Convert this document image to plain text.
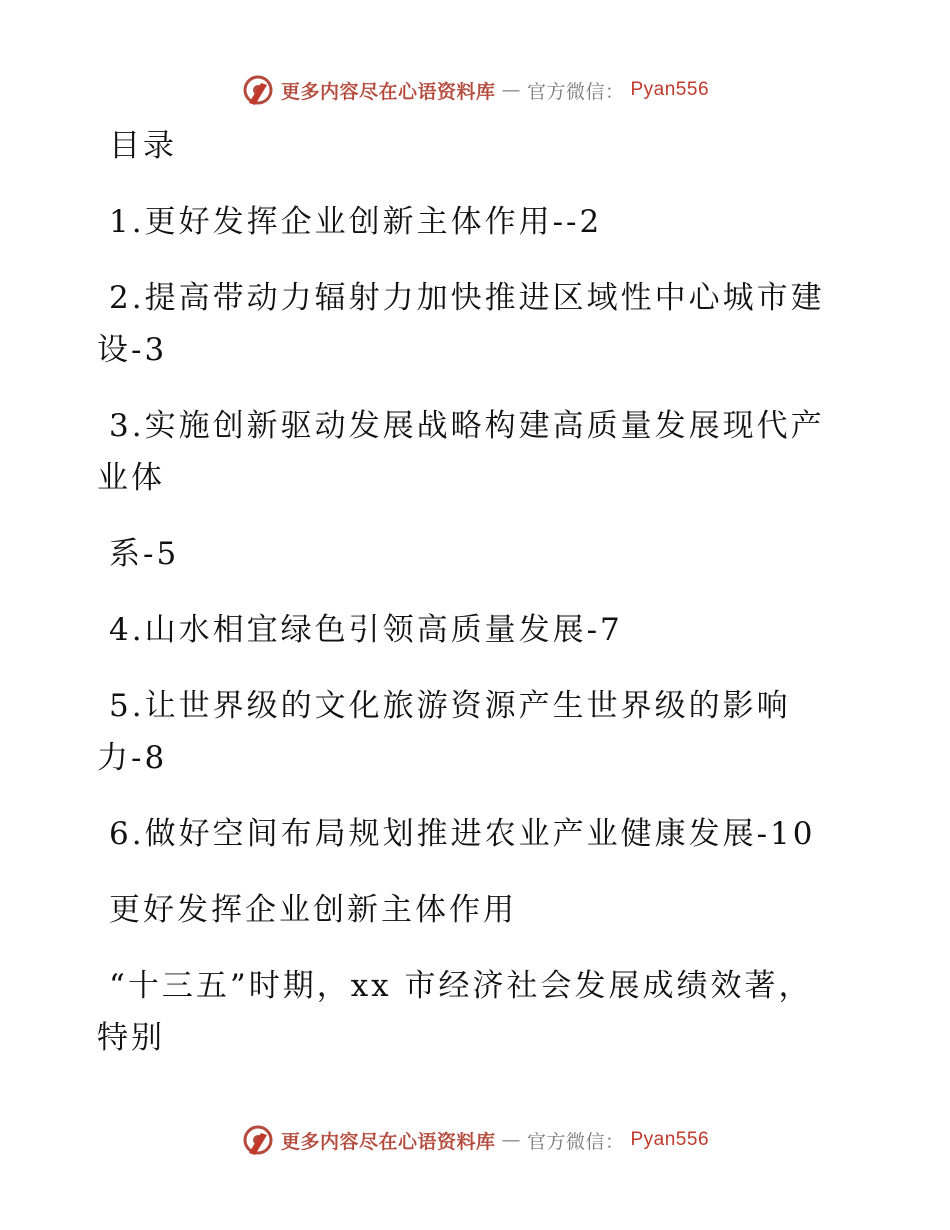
更多内容尽在心语资料库 — 官方微信： Pyan556
目录
1.更好发挥企业创新主体作用--2
2.提高带动力辐射力加快推进区域性中心城市建
设-3
3.实施创新驱动发展战略构建高质量发展现代产
业体
系-5
4.山水相宜绿色引领高质量发展-7
5.让世界级的文化旅游资源产生世界级的影响
力-8
6.做好空间布局规划推进农业产业健康发展-10
更好发挥企业创新主体作用
“十三五”时期，xx 市经济社会发展成绩效著，
特别
更多内容尽在心语资料库 — 官方微信： Pyan556
